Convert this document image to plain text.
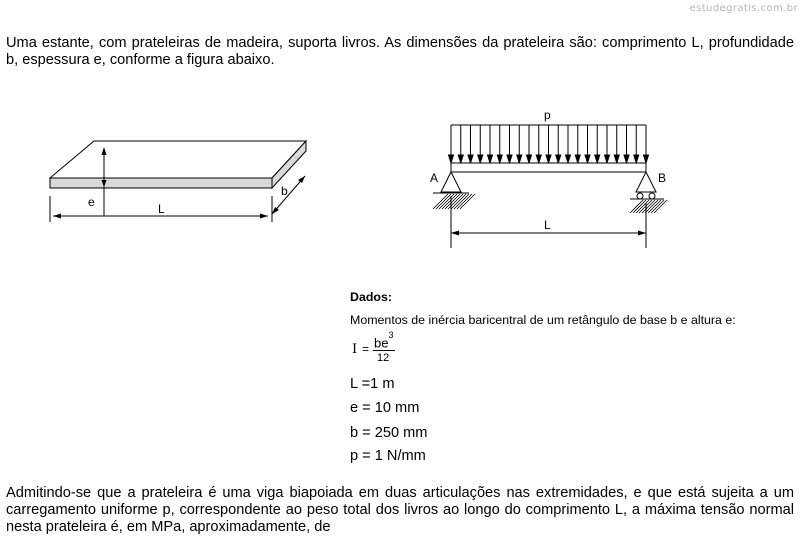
estudegratis.com.br
Uma estante, com prateleiras de madeira, suporta livros. As dimensões da prateleira são: comprimento L, profundidade b, espessura e, conforme a figura abaixo.
e	L
b
p
A	B
L
Dados:
Momentos de inércia baricentral de um retângulo de base b e altura e:
$I = be^3$
12
L =1 m
e = 10 mm
b = 250 mm
p = 1 N/mm
Admitindo-se que a prateleira é uma viga biapoiada em duas articulações nas extremidades, e que está sujeita a um carregamento uniforme p, correspondente ao peso total dos livros ao longo do comprimento L, a máxima tensão normal nesta prateleira é, em MPa, aproximadamente, de
